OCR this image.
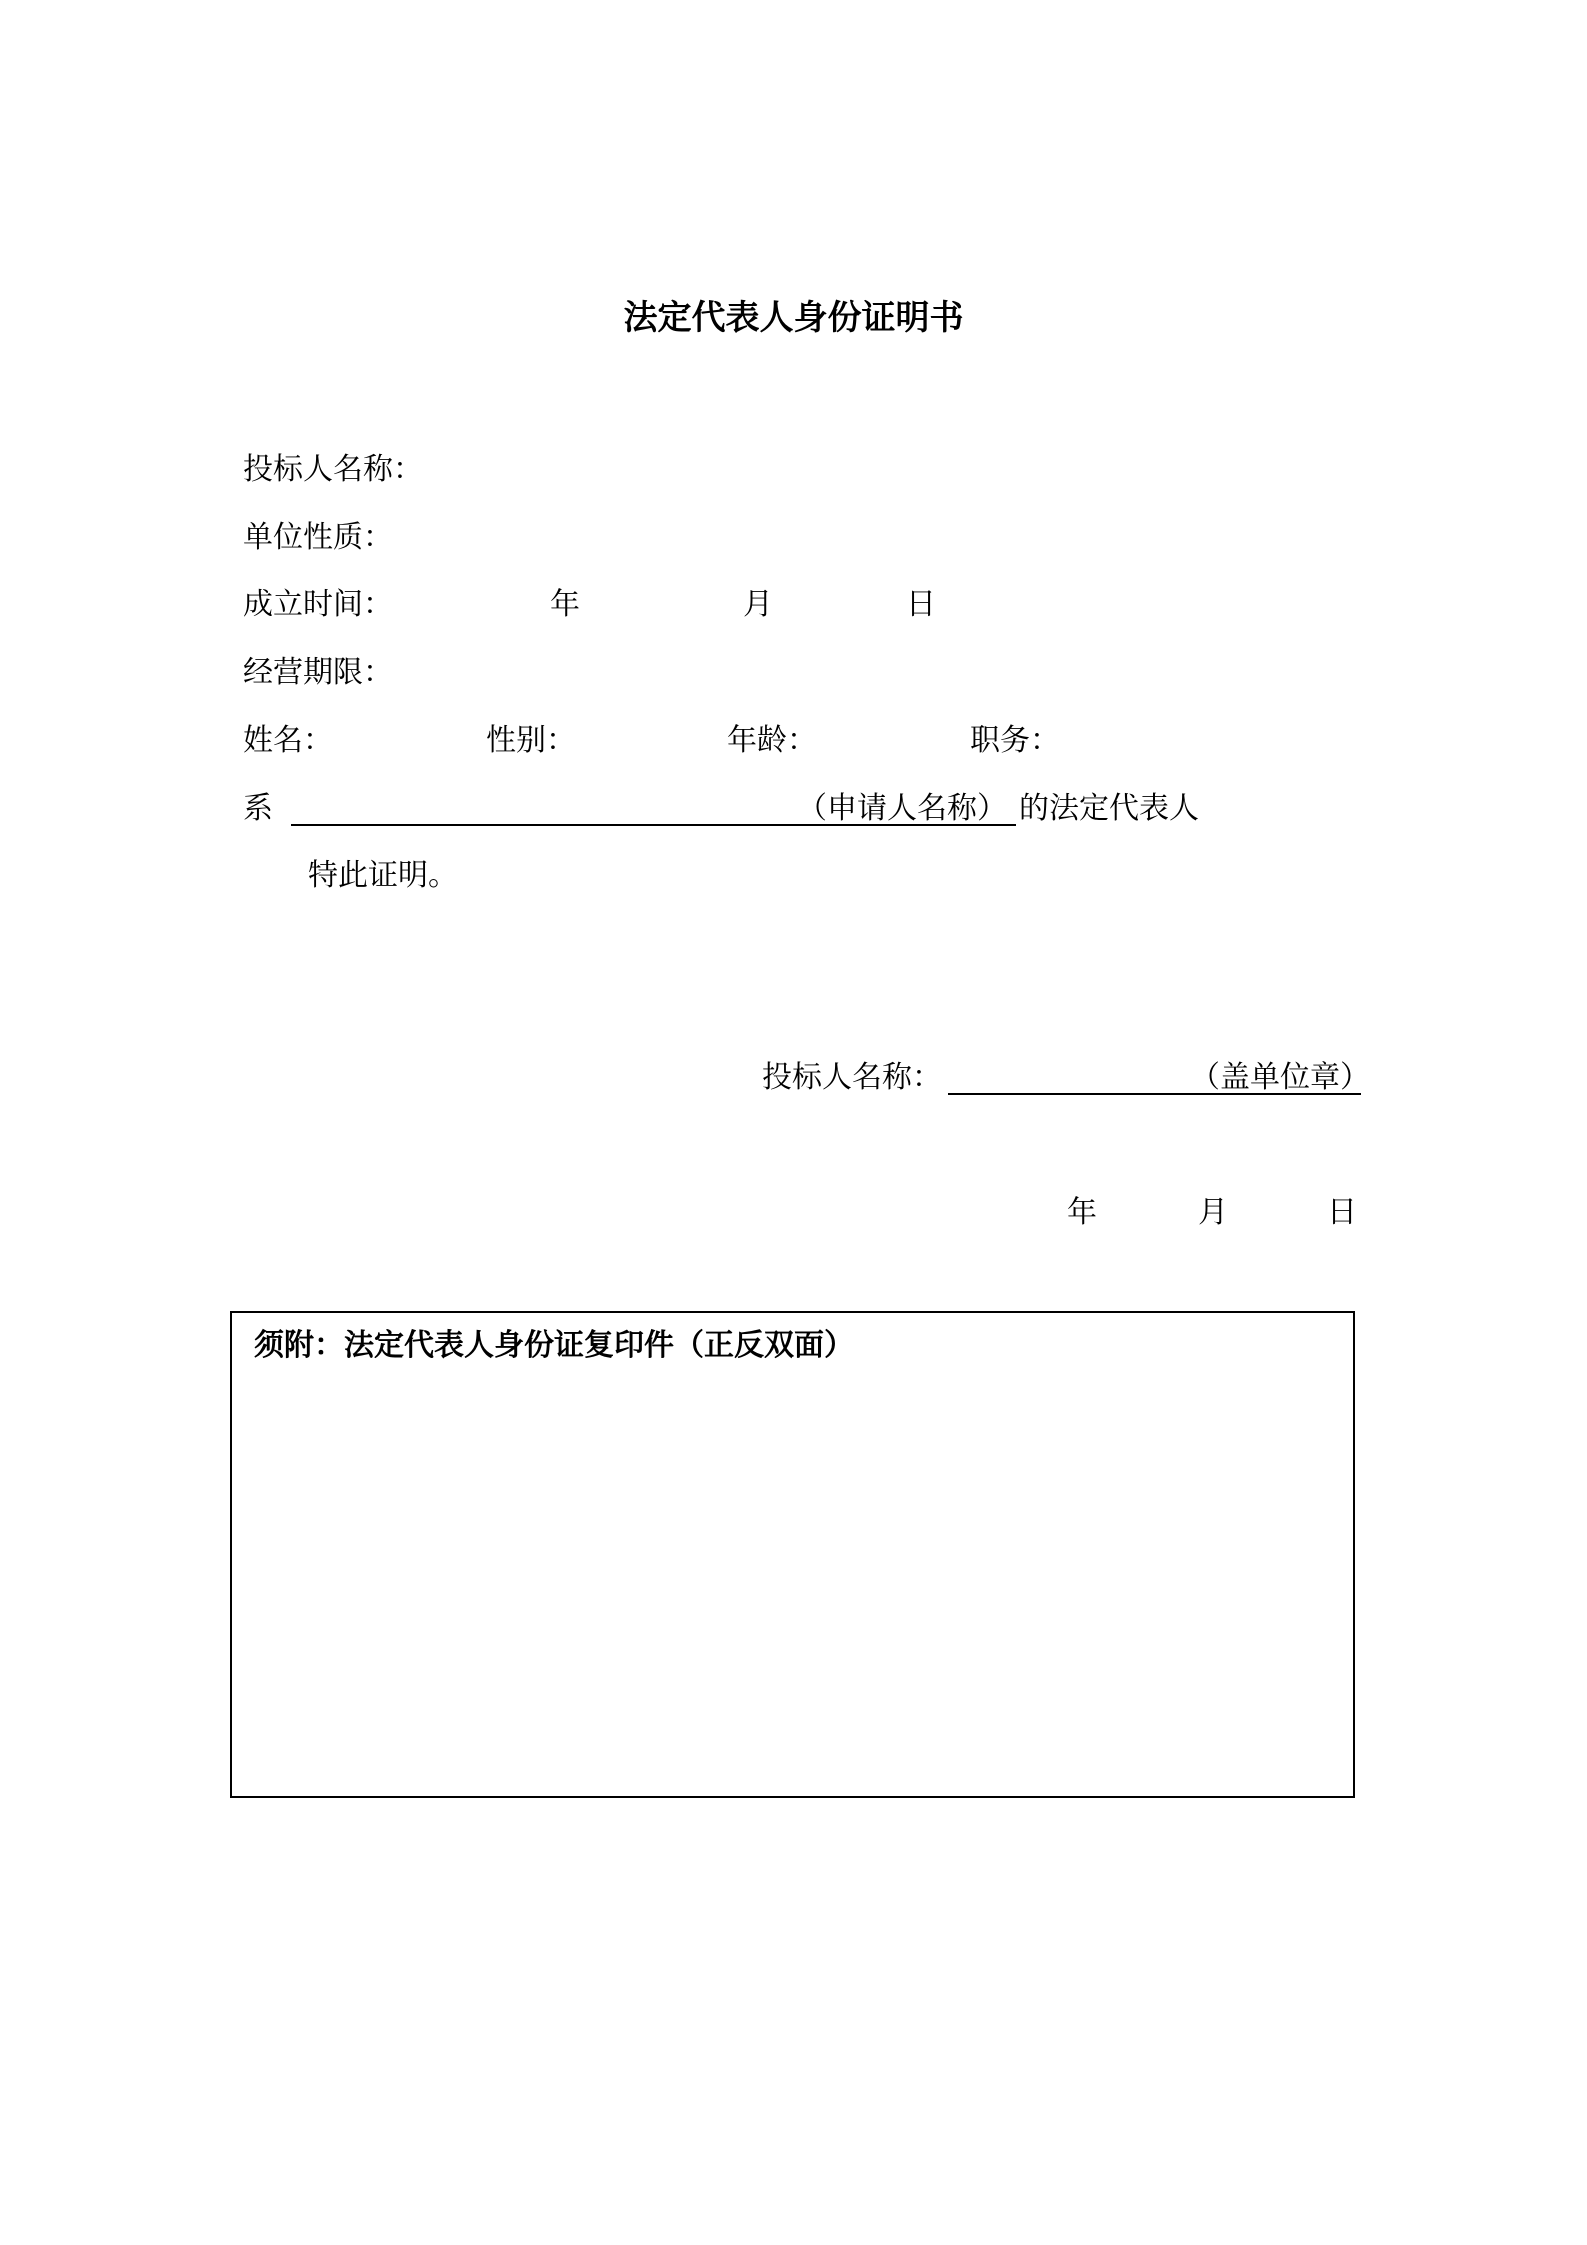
法定代表人身份证明书
投标人名称：
单位性质：
成立时间：	年	月	日
经营期限：
姓名：	性别：	年龄：	职务：
系	（申请人名称） 的法定代表人
特此证明。
投标人名称：	（盖单位章）
年	月	日
须附：法定代表人身份证复印件（正反双面）
